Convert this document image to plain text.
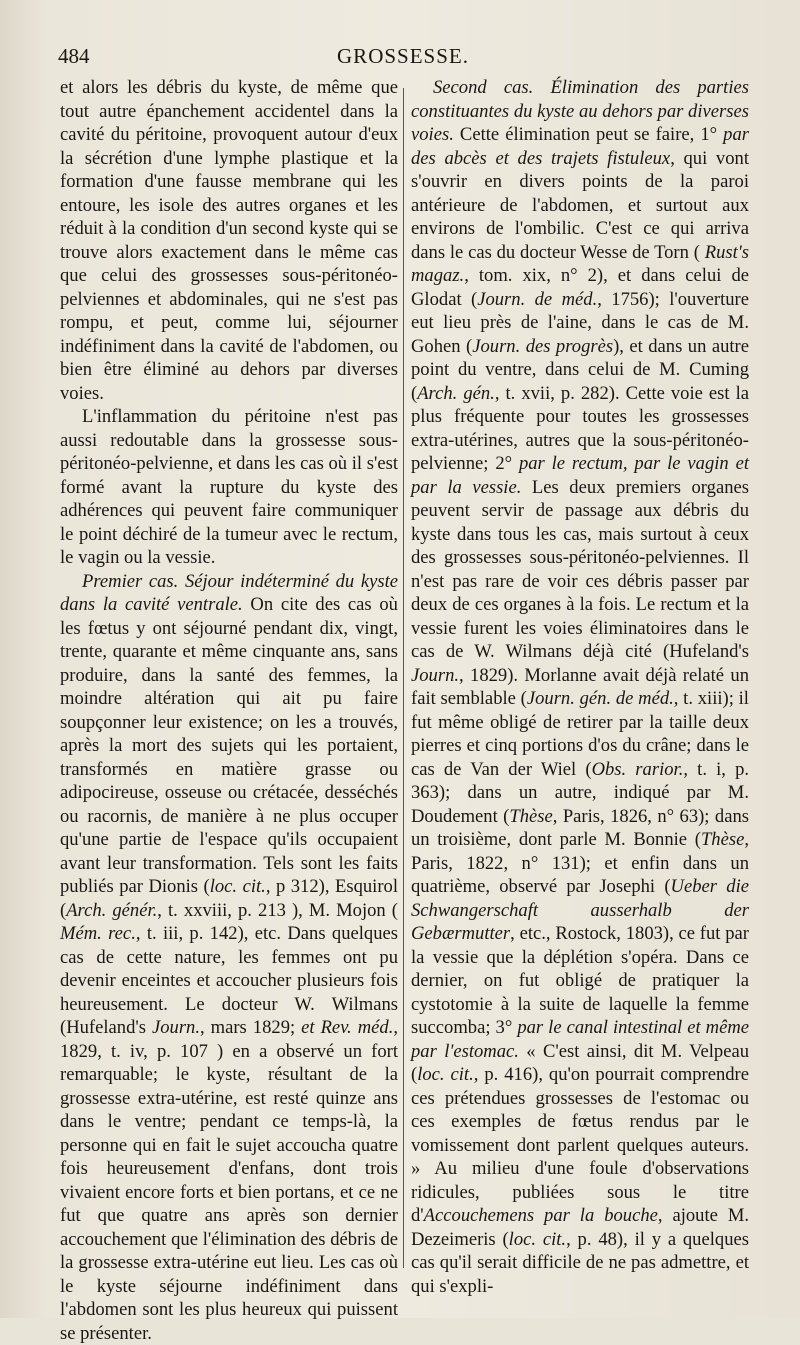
484	GROSSESSE.

et alors les débris du kyste, de même que tout autre épanchement accidentel dans la cavité du péritoine, provoquent autour d'eux la sécrétion d'une lymphe plastique et la formation d'une fausse membrane qui les entoure, les isole des autres organes et les réduit à la condition d'un second kyste qui se trouve alors exactement dans le même cas que celui des grossesses sous-péritonéo-pelviennes et abdominales, qui ne s'est pas rompu, et peut, comme lui, séjourner indéfiniment dans la cavité de l'abdomen, ou bien être éliminé au dehors par diverses voies.

L'inflammation du péritoine n'est pas aussi redoutable dans la grossesse sous-péritonéo-pelvienne, et dans les cas où il s'est formé avant la rupture du kyste des adhérences qui peuvent faire communiquer le point déchiré de la tumeur avec le rectum, le vagin ou la vessie.

Premier cas. Séjour indéterminé du kyste dans la cavité ventrale. On cite des cas où les fœtus y ont séjourné pendant dix, vingt, trente, quarante et même cinquante ans, sans produire, dans la santé des femmes, la moindre altération qui ait pu faire soupçonner leur existence; on les a trouvés, après la mort des sujets qui les portaient, transformés en matière grasse ou adipocireuse, osseuse ou crétacée, desséchés ou racornis, de manière à ne plus occuper qu'une partie de l'espace qu'ils occupaient avant leur transformation. Tels sont les faits publiés par Dionis (loc. cit., p 312), Esquirol (Arch. génér., t. xxviii, p. 213 ), M. Mojon ( Mém. rec., t. iii, p. 142), etc. Dans quelques cas de cette nature, les femmes ont pu devenir enceintes et accoucher plusieurs fois heureusement. Le docteur W. Wilmans (Hufeland's Journ., mars 1829; et Rev. méd., 1829, t. iv, p. 107 ) en a observé un fort remarquable; le kyste, résultant de la grossesse extra-utérine, est resté quinze ans dans le ventre; pendant ce temps-là, la personne qui en fait le sujet accoucha quatre fois heureusement d'enfans, dont trois vivaient encore forts et bien portans, et ce ne fut que quatre ans après son dernier accouchement que l'élimination des débris de la grossesse extra-utérine eut lieu. Les cas où le kyste séjourne indéfiniment dans l'abdomen sont les plus heureux qui puissent se présenter.

Second cas. Élimination des parties constituantes du kyste au dehors par diverses voies. Cette élimination peut se faire, 1° par des abcès et des trajets fistuleux, qui vont s'ouvrir en divers points de la paroi antérieure de l'abdomen, et surtout aux environs de l'ombilic. C'est ce qui arriva dans le cas du docteur Wesse de Torn ( Rust's magaz., tom. xix, n° 2), et dans celui de Glodat (Journ. de méd., 1756); l'ouverture eut lieu près de l'aine, dans le cas de M. Gohen (Journ. des progrès), et dans un autre point du ventre, dans celui de M. Cuming (Arch. gén., t. xvii, p. 282). Cette voie est la plus fréquente pour toutes les grossesses extra-utérines, autres que la sous-péritonéo-pelvienne; 2° par le rectum, par le vagin et par la vessie. Les deux premiers organes peuvent servir de passage aux débris du kyste dans tous les cas, mais surtout à ceux des grossesses sous-péritonéo-pelviennes. Il n'est pas rare de voir ces débris passer par deux de ces organes à la fois. Le rectum et la vessie furent les voies éliminatoires dans le cas de W. Wilmans déjà cité (Hufeland's Journ., 1829). Morlanne avait déjà relaté un fait semblable (Journ. gén. de méd., t. xiii); il fut même obligé de retirer par la taille deux pierres et cinq portions d'os du crâne; dans le cas de Van der Wiel (Obs. rarior., t. i, p. 363); dans un autre, indiqué par M. Doudement (Thèse, Paris, 1826, n° 63); dans un troisième, dont parle M. Bonnie (Thèse, Paris, 1822, n° 131); et enfin dans un quatrième, observé par Josephi (Ueber die Schwangerschaft ausserhalb der Gebærmutter, etc., Rostock, 1803), ce fut par la vessie que la déplétion s'opéra. Dans ce dernier, on fut obligé de pratiquer la cystotomie à la suite de laquelle la femme succomba; 3° par le canal intestinal et même par l'estomac. « C'est ainsi, dit M. Velpeau (loc. cit., p. 416), qu'on pourrait comprendre ces prétendues grossesses de l'estomac ou ces exemples de fœtus rendus par le vomissement dont parlent quelques auteurs. » Au milieu d'une foule d'observations ridicules, publiées sous le titre d'Accouchemens par la bouche, ajoute M. Dezeimeris (loc. cit., p. 48), il y a quelques cas qu'il serait difficile de ne pas admettre, et qui s'expli-
